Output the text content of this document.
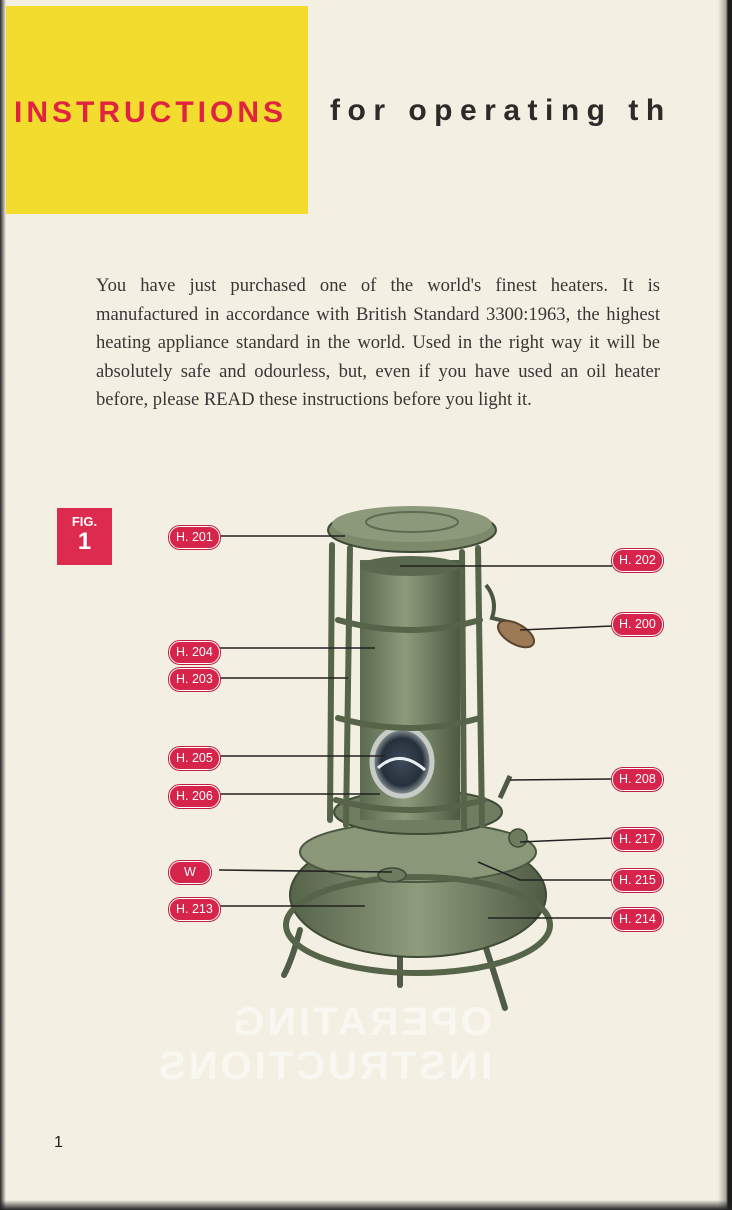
INSTRUCTIONS for operating th

You have just purchased one of the world's finest heaters. It is manufactured in accordance with British Standard 3300:1963, the highest heating appliance standard in the world. Used in the right way it will be absolutely safe and odourless, but, even if you have used an oil heater before, please READ these instructions before you light it.

FIG.
1	H. 201
H. 202
H. 200
H. 204
H. 203
H. 205
H. 206
H. 208
H. 217
W
H. 215
H. 213
H. 214
OPERATING
INSTRUCTIONS

1
